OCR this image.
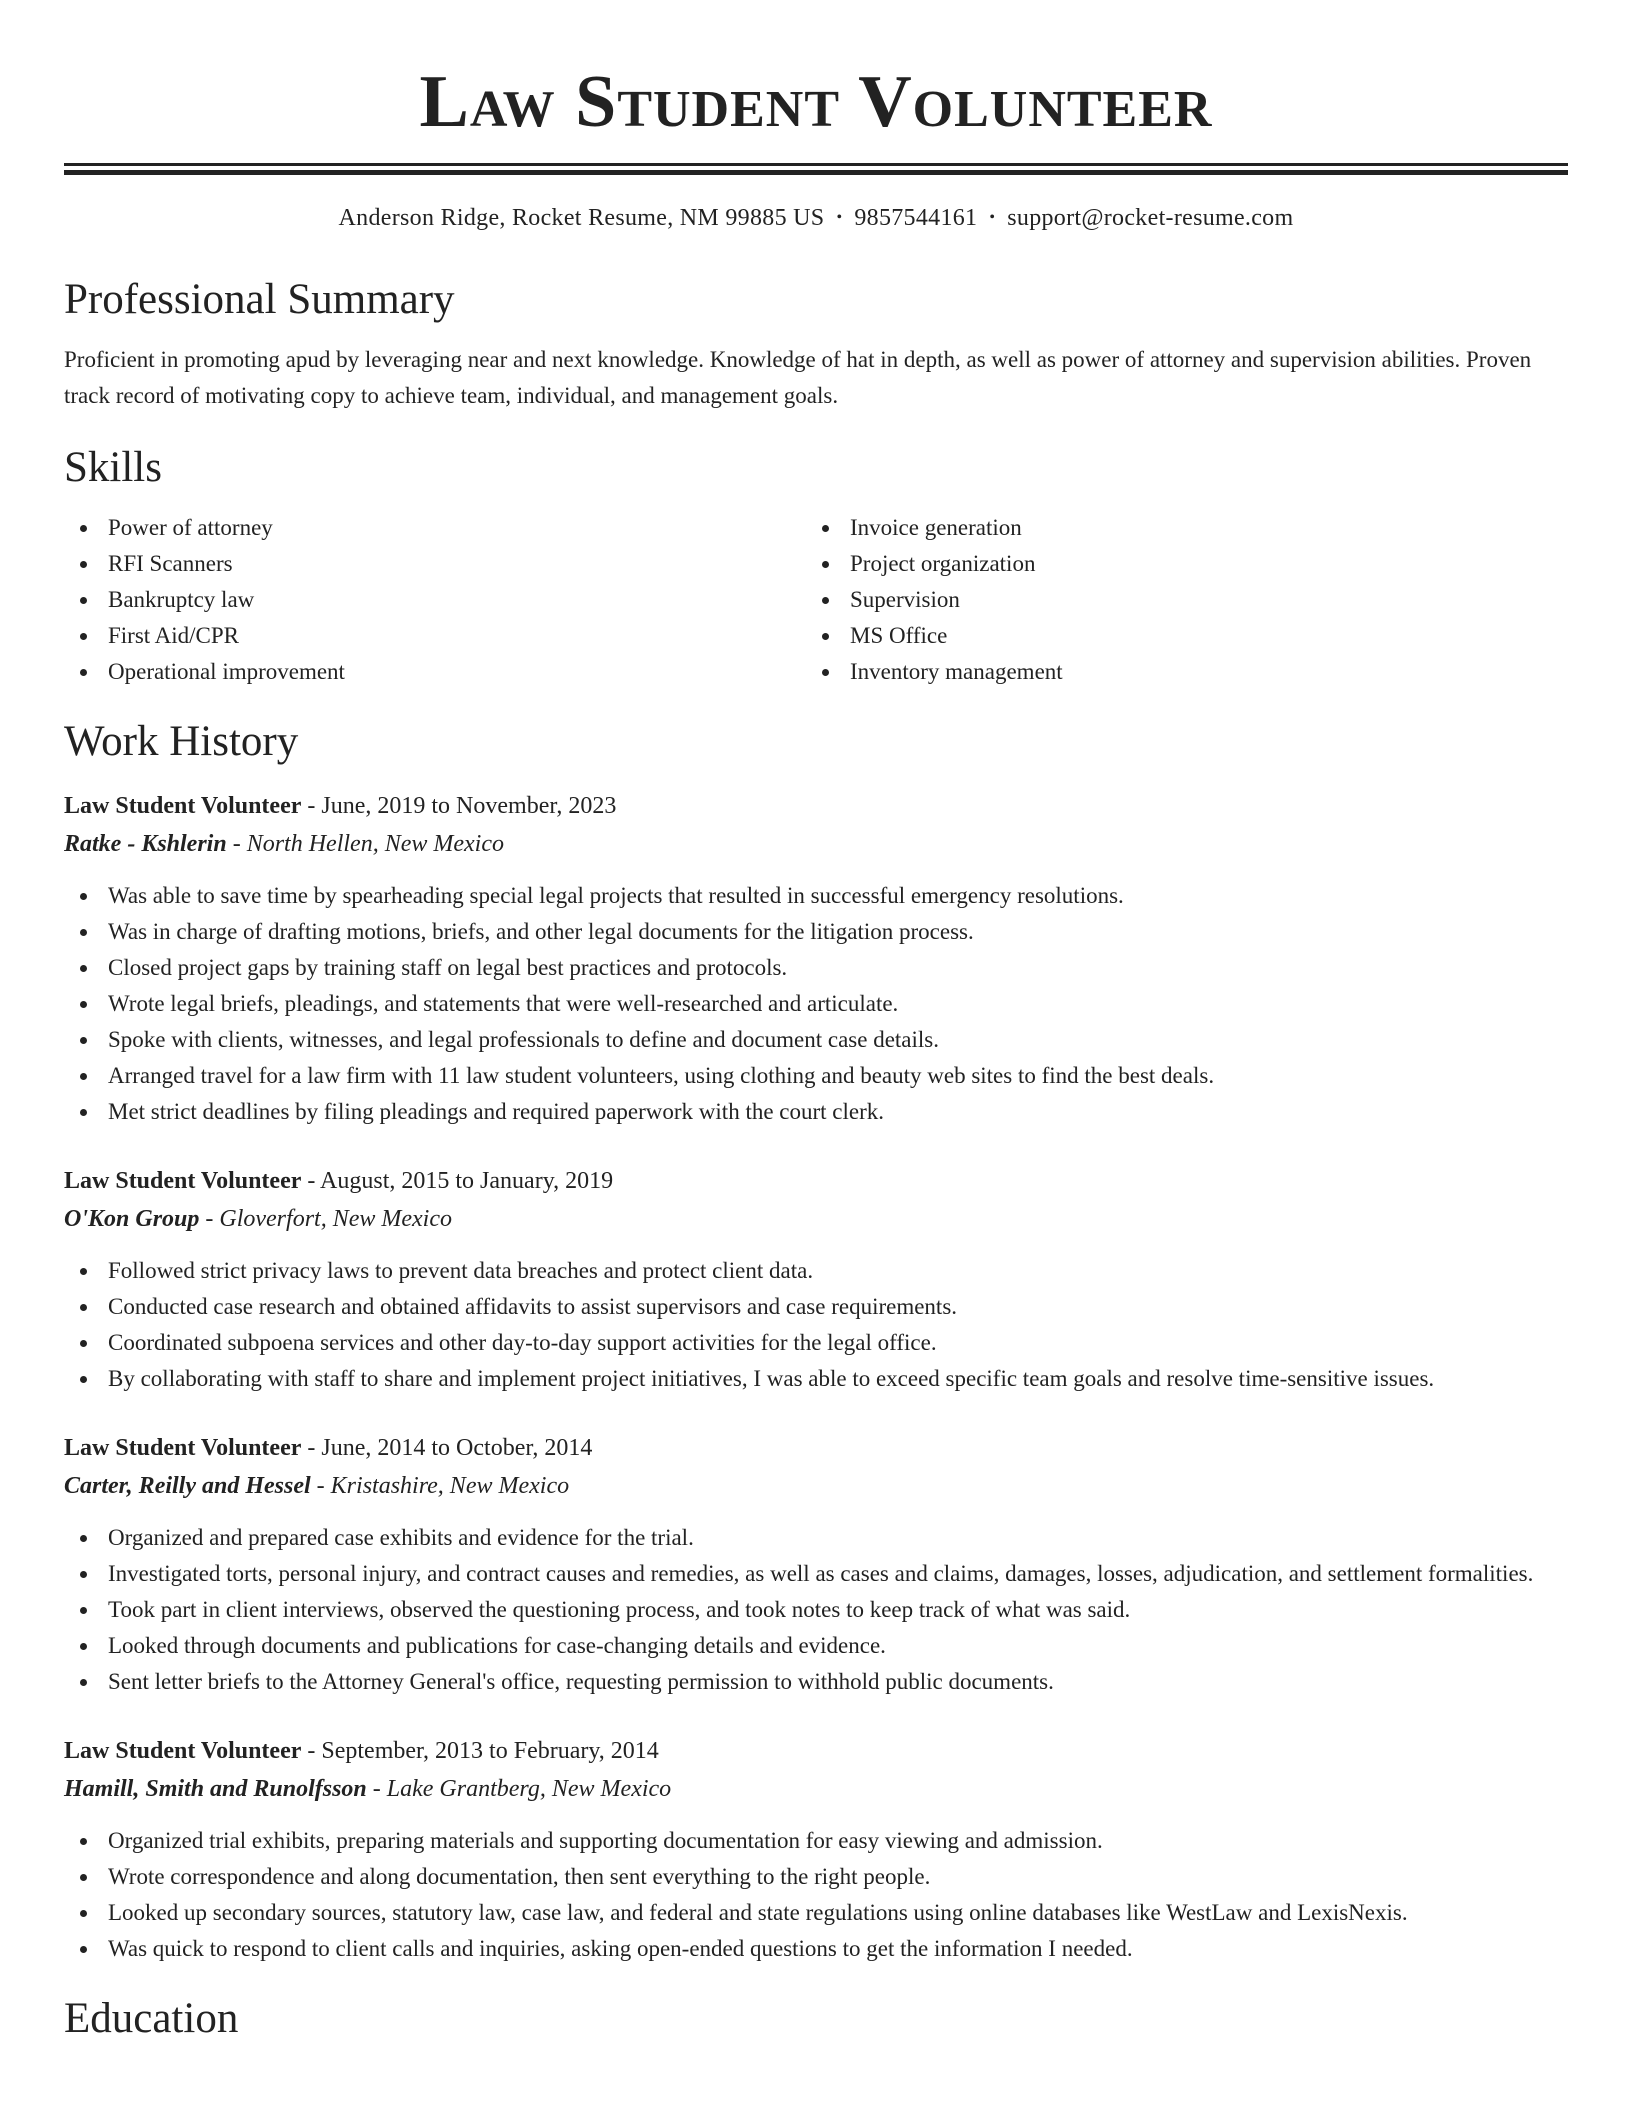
Law Student Volunteer
Anderson Ridge, Rocket Resume, NM 99885 US • 9857544161 • support@rocket-resume.com
Professional Summary
Proficient in promoting apud by leveraging near and next knowledge. Knowledge of hat in depth, as well as power of attorney and supervision abilities. Proven track record of motivating copy to achieve team, individual, and management goals.
Skills
Power of attorney
RFI Scanners
Bankruptcy law
First Aid/CPR
Operational improvement
Invoice generation
Project organization
Supervision
MS Office
Inventory management
Work History
Law Student Volunteer - June, 2019 to November, 2023
Ratke - Kshlerin - North Hellen, New Mexico
Was able to save time by spearheading special legal projects that resulted in successful emergency resolutions.
Was in charge of drafting motions, briefs, and other legal documents for the litigation process.
Closed project gaps by training staff on legal best practices and protocols.
Wrote legal briefs, pleadings, and statements that were well-researched and articulate.
Spoke with clients, witnesses, and legal professionals to define and document case details.
Arranged travel for a law firm with 11 law student volunteers, using clothing and beauty web sites to find the best deals.
Met strict deadlines by filing pleadings and required paperwork with the court clerk.
Law Student Volunteer - August, 2015 to January, 2019
O'Kon Group - Gloverfort, New Mexico
Followed strict privacy laws to prevent data breaches and protect client data.
Conducted case research and obtained affidavits to assist supervisors and case requirements.
Coordinated subpoena services and other day-to-day support activities for the legal office.
By collaborating with staff to share and implement project initiatives, I was able to exceed specific team goals and resolve time-sensitive issues.
Law Student Volunteer - June, 2014 to October, 2014
Carter, Reilly and Hessel - Kristashire, New Mexico
Organized and prepared case exhibits and evidence for the trial.
Investigated torts, personal injury, and contract causes and remedies, as well as cases and claims, damages, losses, adjudication, and settlement formalities.
Took part in client interviews, observed the questioning process, and took notes to keep track of what was said.
Looked through documents and publications for case-changing details and evidence.
Sent letter briefs to the Attorney General's office, requesting permission to withhold public documents.
Law Student Volunteer - September, 2013 to February, 2014
Hamill, Smith and Runolfsson - Lake Grantberg, New Mexico
Organized trial exhibits, preparing materials and supporting documentation for easy viewing and admission.
Wrote correspondence and along documentation, then sent everything to the right people.
Looked up secondary sources, statutory law, case law, and federal and state regulations using online databases like WestLaw and LexisNexis.
Was quick to respond to client calls and inquiries, asking open-ended questions to get the information I needed.
Education
